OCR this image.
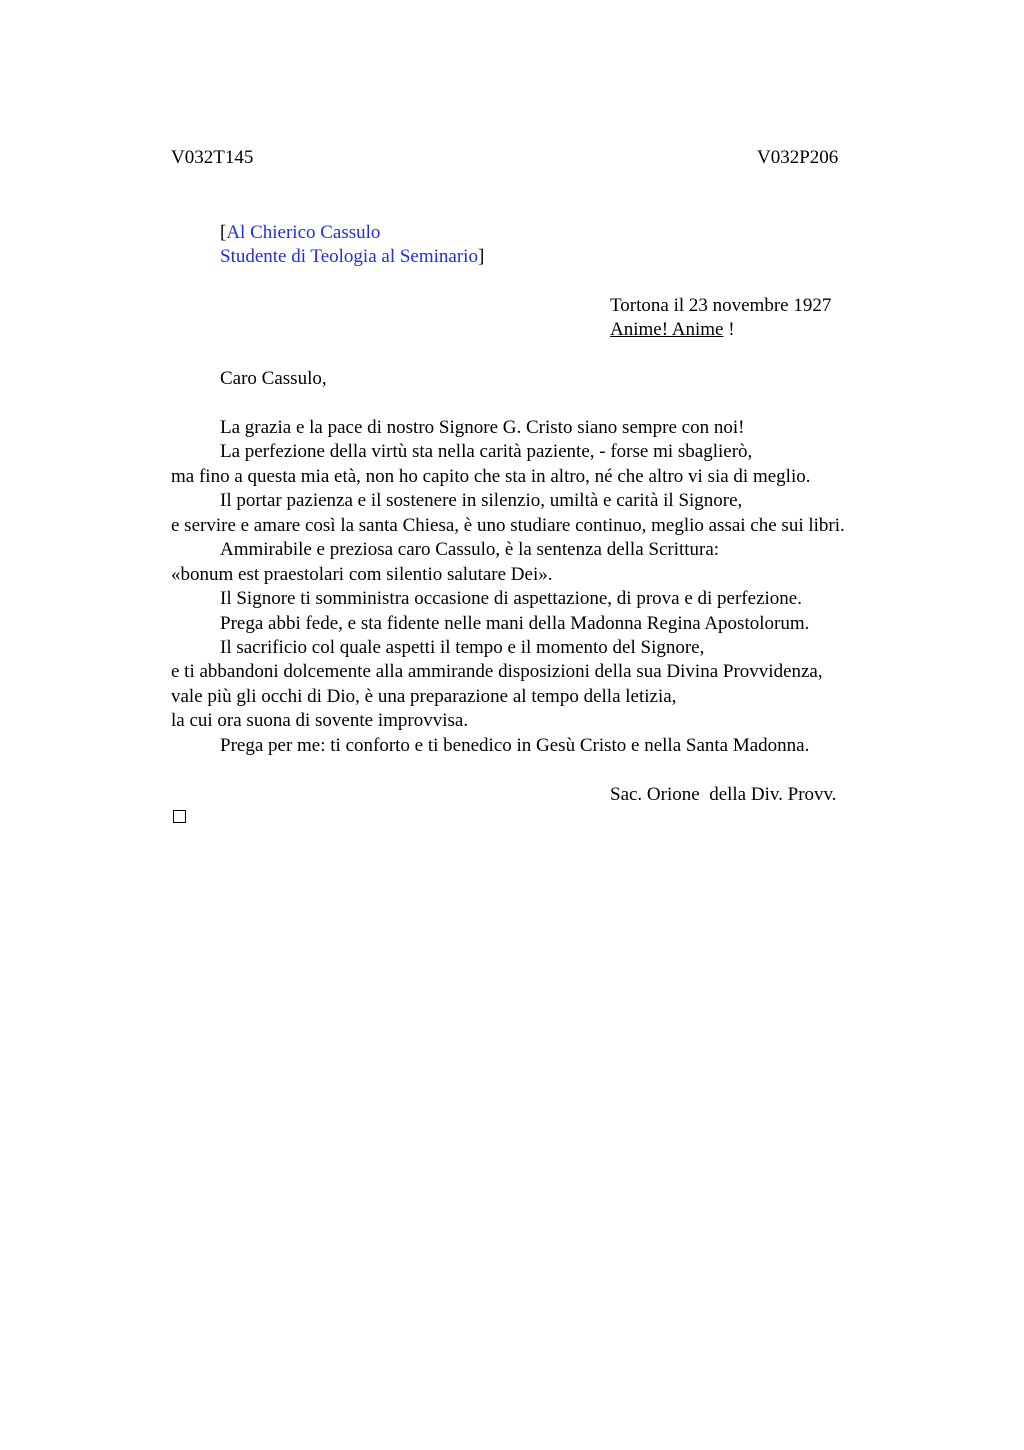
V032T145	V032P206
[Al Chierico Cassulo
Studente di Teologia al Seminario]
Tortona il 23 novembre 1927
Anime! Anime !
Caro Cassulo,
La grazia e la pace di nostro Signore G. Cristo siano sempre con noi!
La perfezione della virtù sta nella carità paziente, - forse mi sbaglierò,
ma fino a questa mia età, non ho capito che sta in altro, né che altro vi sia di meglio.
Il portar pazienza e il sostenere in silenzio, umiltà e carità il Signore,
e servire e amare così la santa Chiesa, è uno studiare continuo, meglio assai che sui libri.
Ammirabile e preziosa caro Cassulo, è la sentenza della Scrittura:
«bonum est praestolari com silentio salutare Dei».
Il Signore ti somministra occasione di aspettazione, di prova e di perfezione.
Prega abbi fede, e sta fidente nelle mani della Madonna Regina Apostolorum.
Il sacrificio col quale aspetti il tempo e il momento del Signore,
e ti abbandoni dolcemente alla ammirande disposizioni della sua Divina Provvidenza,
vale più gli occhi di Dio, è una preparazione al tempo della letizia,
la cui ora suona di sovente improvvisa.
Prega per me: ti conforto e ti benedico in Gesù Cristo e nella Santa Madonna.
Sac. Orione  della Div. Provv.
